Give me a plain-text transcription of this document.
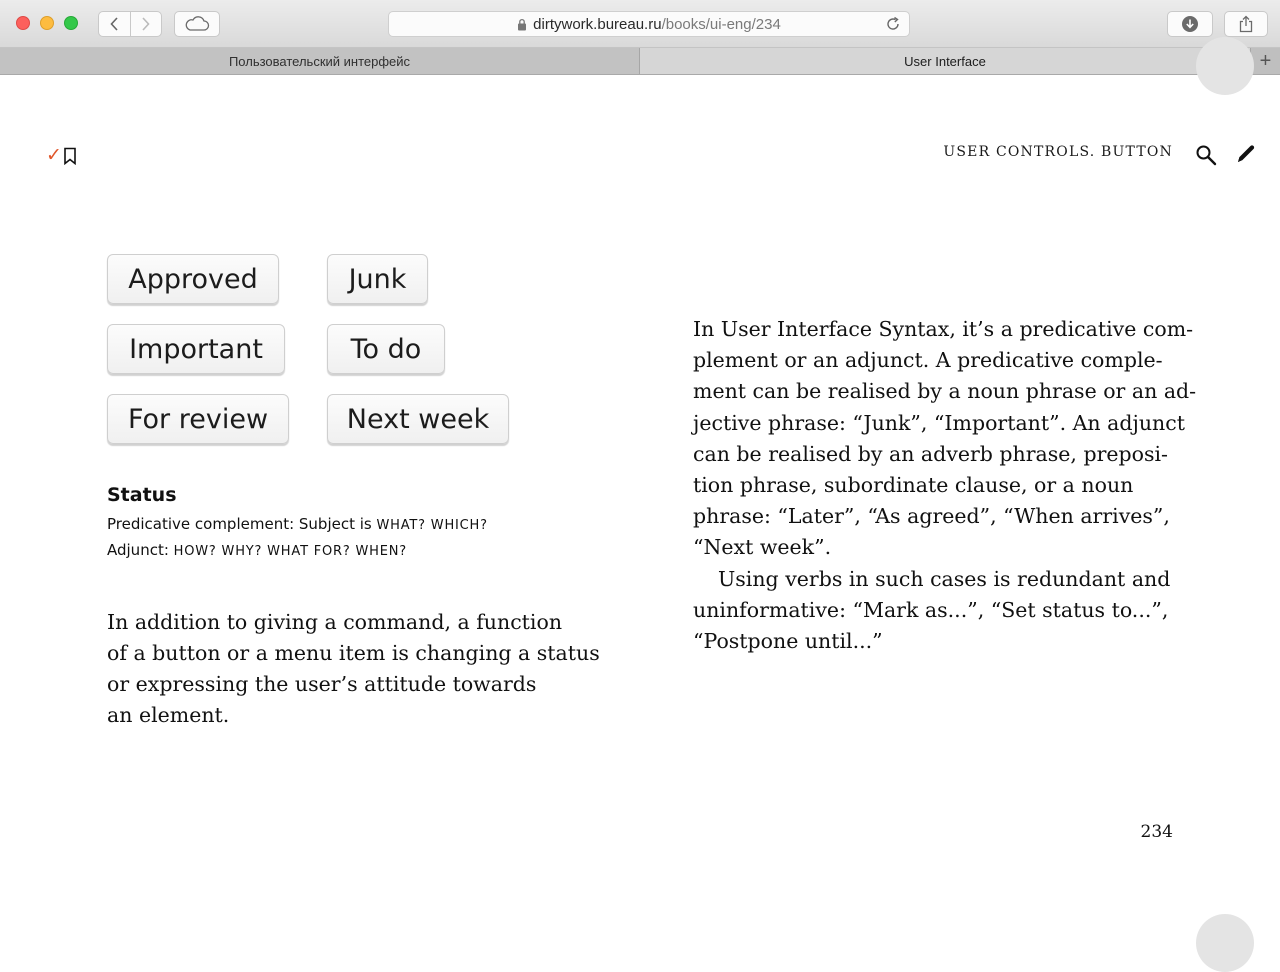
dirtywork.bureau.ru /books/ui-eng/234
Пользовательский интерфейс	User Interface	+
✓	USER CONTROLS. BUTTON
Approved	Junk
Important	To do
For review	Next week
Status
Predicative complement: Subject is WHAT? WHICH?
Adjunct: HOW? WHY? WHAT FOR? WHEN?

In addition to giving a command, a function
of a button or a menu item is changing a status
or expressing the user’s attitude towards
an element.

In User Interface Syntax, it’s a predicative com-
plement or an adjunct. A predicative comple-
ment can be realised by a noun phrase or an ad-
jective phrase: “Junk”, “Important”. An adjunct
can be realised by an adverb phrase, preposi-
tion phrase, subordinate clause, or a noun
phrase: “Later”, “As agreed”, “When arrives”,
“Next week”.
Using verbs in such cases is redundant and
uninformative: “Mark as...”, “Set status to...”,
“Postpone until...”

234
